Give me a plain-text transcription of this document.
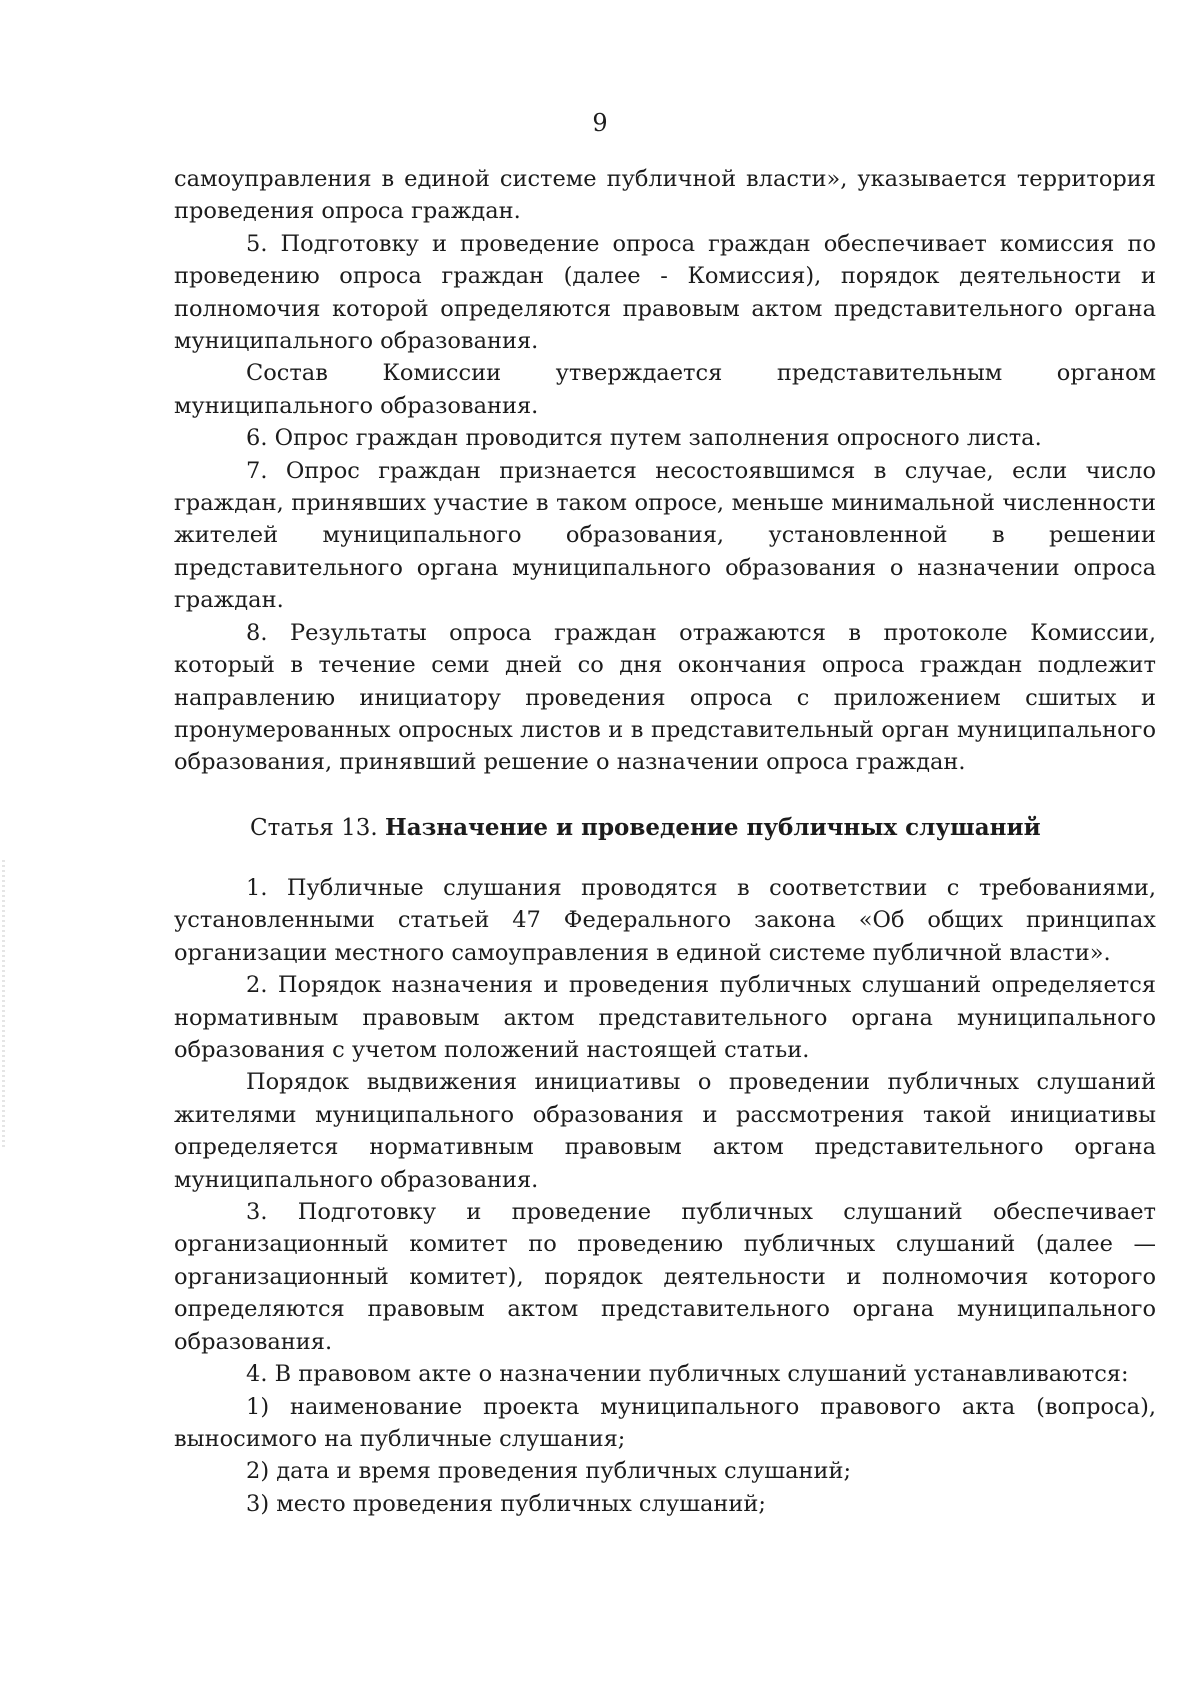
9

самоуправления в единой системе публичной власти», указывается территория проведения опроса граждан.

5. Подготовку и проведение опроса граждан обеспечивает комиссия по проведению опроса граждан (далее - Комиссия), порядок деятельности и полномочия которой определяются правовым актом представительного органа муниципального образования.

Состав Комиссии утверждается представительным органом

муниципального образования.

6. Опрос граждан проводится путем заполнения опросного листа.

7. Опрос граждан признается несостоявшимся в случае, если число граждан, принявших участие в таком опросе, меньше минимальной численности жителей муниципального образования, установленной в решении представительного органа муниципального образования о назначении опроса граждан.

8. Результаты опроса граждан отражаются в протоколе Комиссии, который в течение семи дней со дня окончания опроса граждан подлежит направлению инициатору проведения опроса с приложением сшитых и пронумерованных опросных листов и в представительный орган муниципального образования, принявший решение о назначении опроса граждан.

Статья 13. Назначение и проведение публичных слушаний

1. Публичные слушания проводятся в соответствии с требованиями, установленными статьей 47 Федерального закона «Об общих принципах организации местного самоуправления в единой системе публичной власти».

2. Порядок назначения и проведения публичных слушаний определяется нормативным правовым актом представительного органа муниципального образования с учетом положений настоящей статьи.

Порядок выдвижения инициативы о проведении публичных слушаний жителями муниципального образования и рассмотрения такой инициативы определяется нормативным правовым актом представительного органа муниципального образования.

3. Подготовку и проведение публичных слушаний обеспечивает организационный комитет по проведению публичных слушаний (далее — организационный комитет), порядок деятельности и полномочия которого определяются правовым актом представительного органа муниципального образования.

4. В правовом акте о назначении публичных слушаний устанавливаются:

1) наименование проекта муниципального правового акта (вопроса), выносимого на публичные слушания;

2) дата и время проведения публичных слушаний;

3) место проведения публичных слушаний;
